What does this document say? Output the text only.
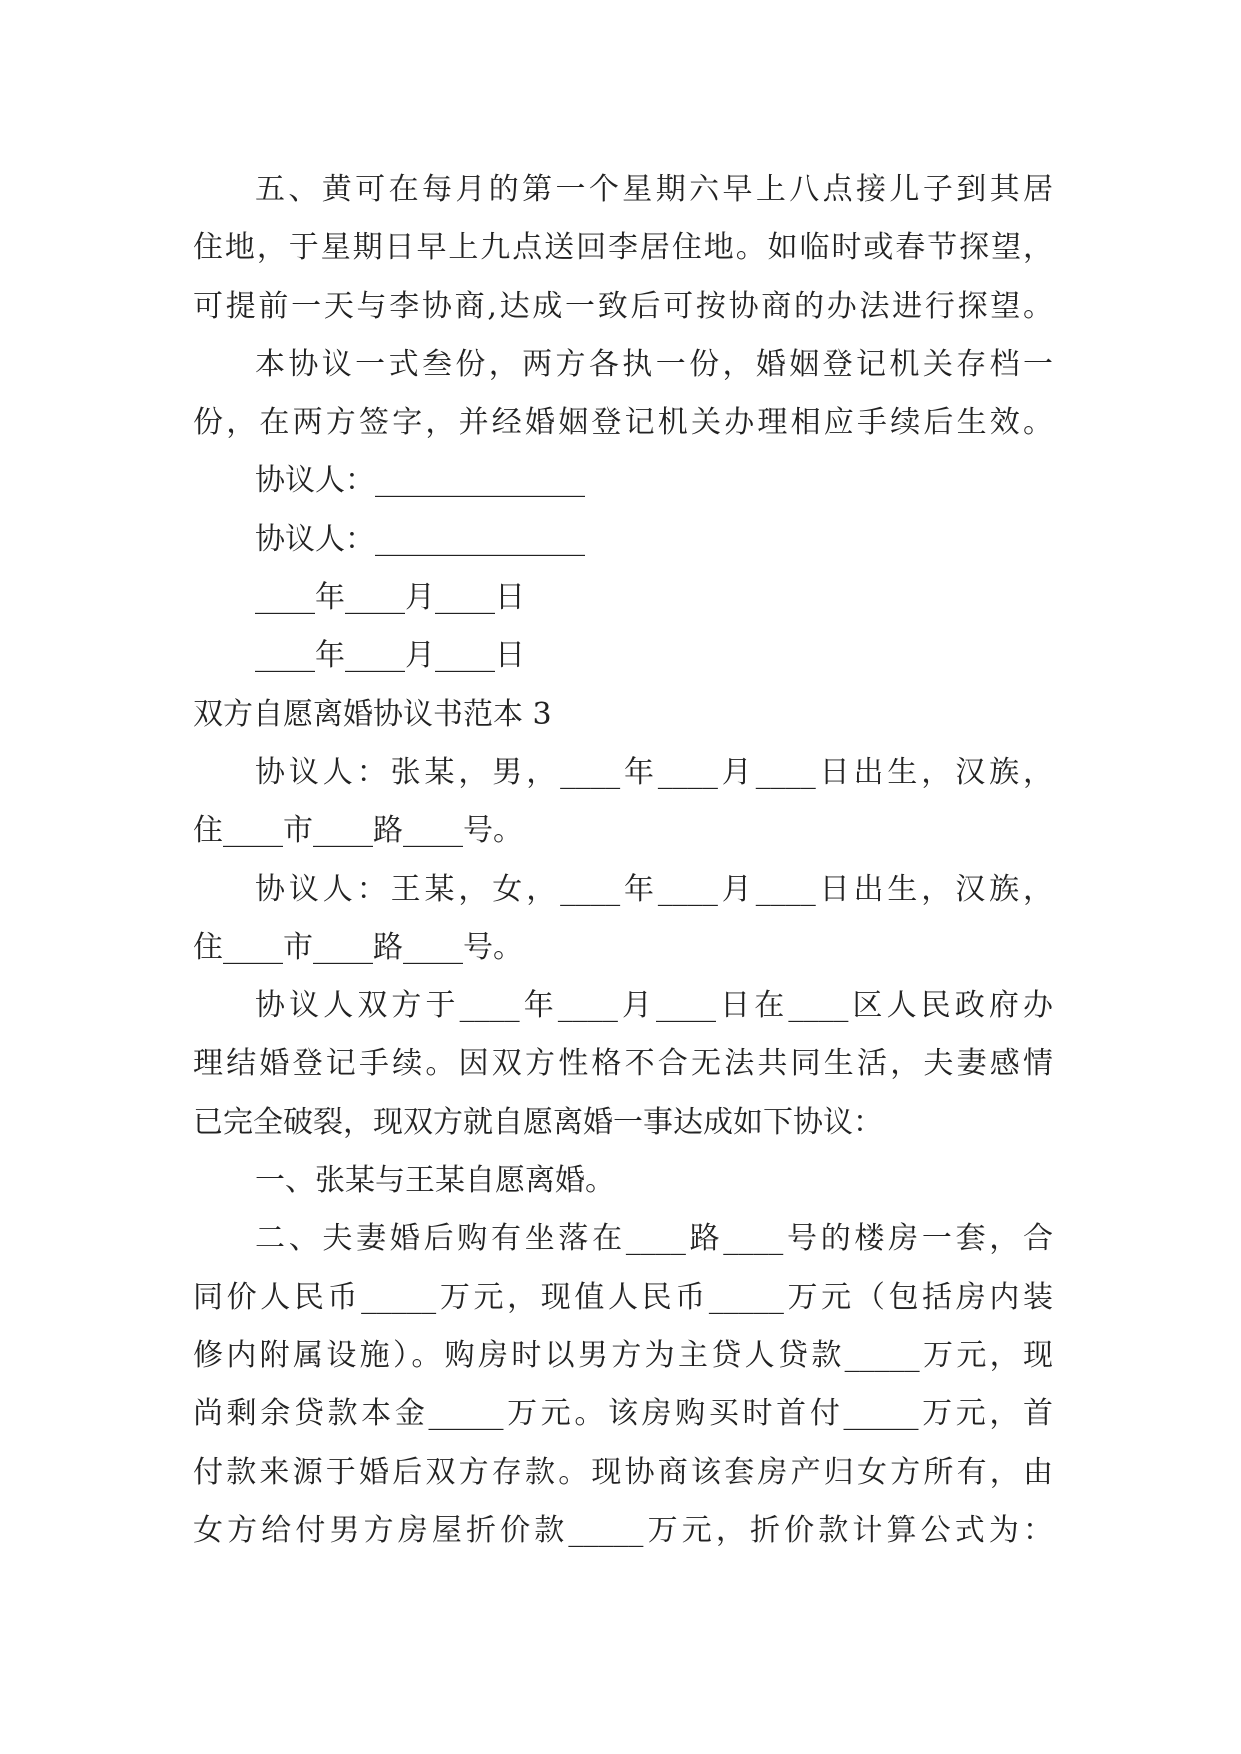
五、黄可在每月的第一个星期六早上八点接儿子到其居
住地，于星期日早上九点送回李居住地。如临时或春节探望，
可提前一天与李协商,达成一致后可按协商的办法进行探望。
本协议一式叁份，两方各执一份，婚姻登记机关存档一
份，在两方签字，并经婚姻登记机关办理相应手续后生效。
协议人：______________
协议人：______________
____年____月____日
____年____月____日
双方自愿离婚协议书范本 3
协议人：张某，男，____年____月____日出生，汉族，
住____市____路____号。
协议人：王某，女，____年____月____日出生，汉族，
住____市____路____号。
协议人双方于____年____月____日在____区人民政府办
理结婚登记手续。因双方性格不合无法共同生活，夫妻感情
已完全破裂，现双方就自愿离婚一事达成如下协议：
一、张某与王某自愿离婚。
二、夫妻婚后购有坐落在____路____号的楼房一套，合
同价人民币_____万元，现值人民币_____万元（包括房内装
修内附属设施）。购房时以男方为主贷人贷款_____万元，现
尚剩余贷款本金_____万元。该房购买时首付_____万元，首
付款来源于婚后双方存款。现协商该套房产归女方所有，由
女方给付男方房屋折价款_____万元，折价款计算公式为：
